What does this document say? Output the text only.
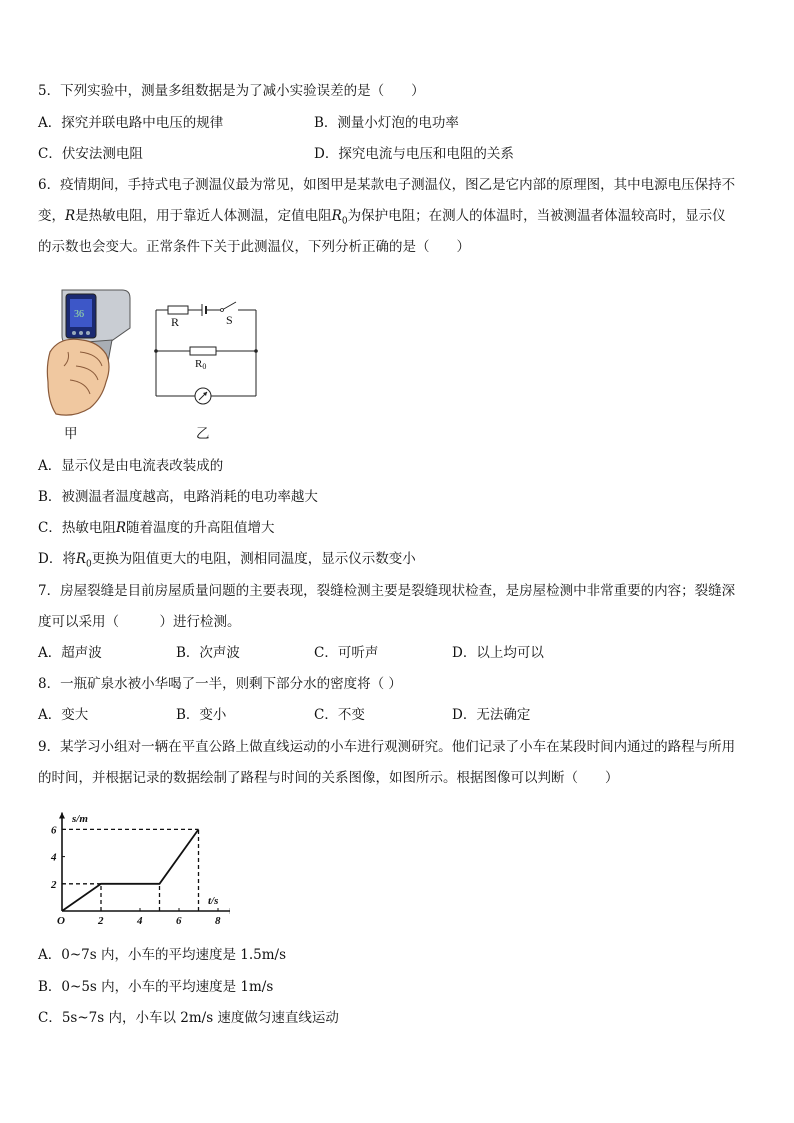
5．下列实验中，测量多组数据是为了减小实验误差的是（　　）
A．探究并联电路中电压的规律	B．测量小灯泡的电功率
C．伏安法测电阻	D．探究电流与电压和电阻的关系
6．疫情期间，手持式电子测温仪最为常见，如图甲是某款电子测温仪，图乙是它内部的原理图，其中电源电压保持不
变，R是热敏电阻，用于靠近人体测温，定值电阻$R_0$为保护电阻；在测人的体温时，当被测温者体温较高时，显示仪
的示数也会变大。正常条件下关于此测温仪，下列分析正确的是（　　）
36
甲
R	S
R0
乙
A．显示仪是由电流表改装成的
B．被测温者温度越高，电路消耗的电功率越大
C．热敏电阻R随着温度的升高阻值增大
D．将$R_0$更换为阻值更大的电阻，测相同温度，显示仪示数变小
7．房屋裂缝是目前房屋质量问题的主要表现，裂缝检测主要是裂缝现状检查，是房屋检测中非常重要的内容；裂缝深
度可以采用（　　　）进行检测。
A．超声波	B．次声波	C．可听声	D．以上均可以
8．一瓶矿泉水被小华喝了一半，则剩下部分水的密度将（ ）
A．变大	B．变小	C．不变	D．无法确定
9．某学习小组对一辆在平直公路上做直线运动的小车进行观测研究。他们记录了小车在某段时间内通过的路程与所用
的时间，并根据记录的数据绘制了路程与时间的关系图像，如图所示。根据图像可以判断（　　）
2	4	6	8
2
4
6
s/m
t/s
O
A．0~7s 内，小车的平均速度是 1.5m/s
B．0~5s 内，小车的平均速度是 1m/s
C．5s~7s 内，小车以 2m/s 速度做匀速直线运动
